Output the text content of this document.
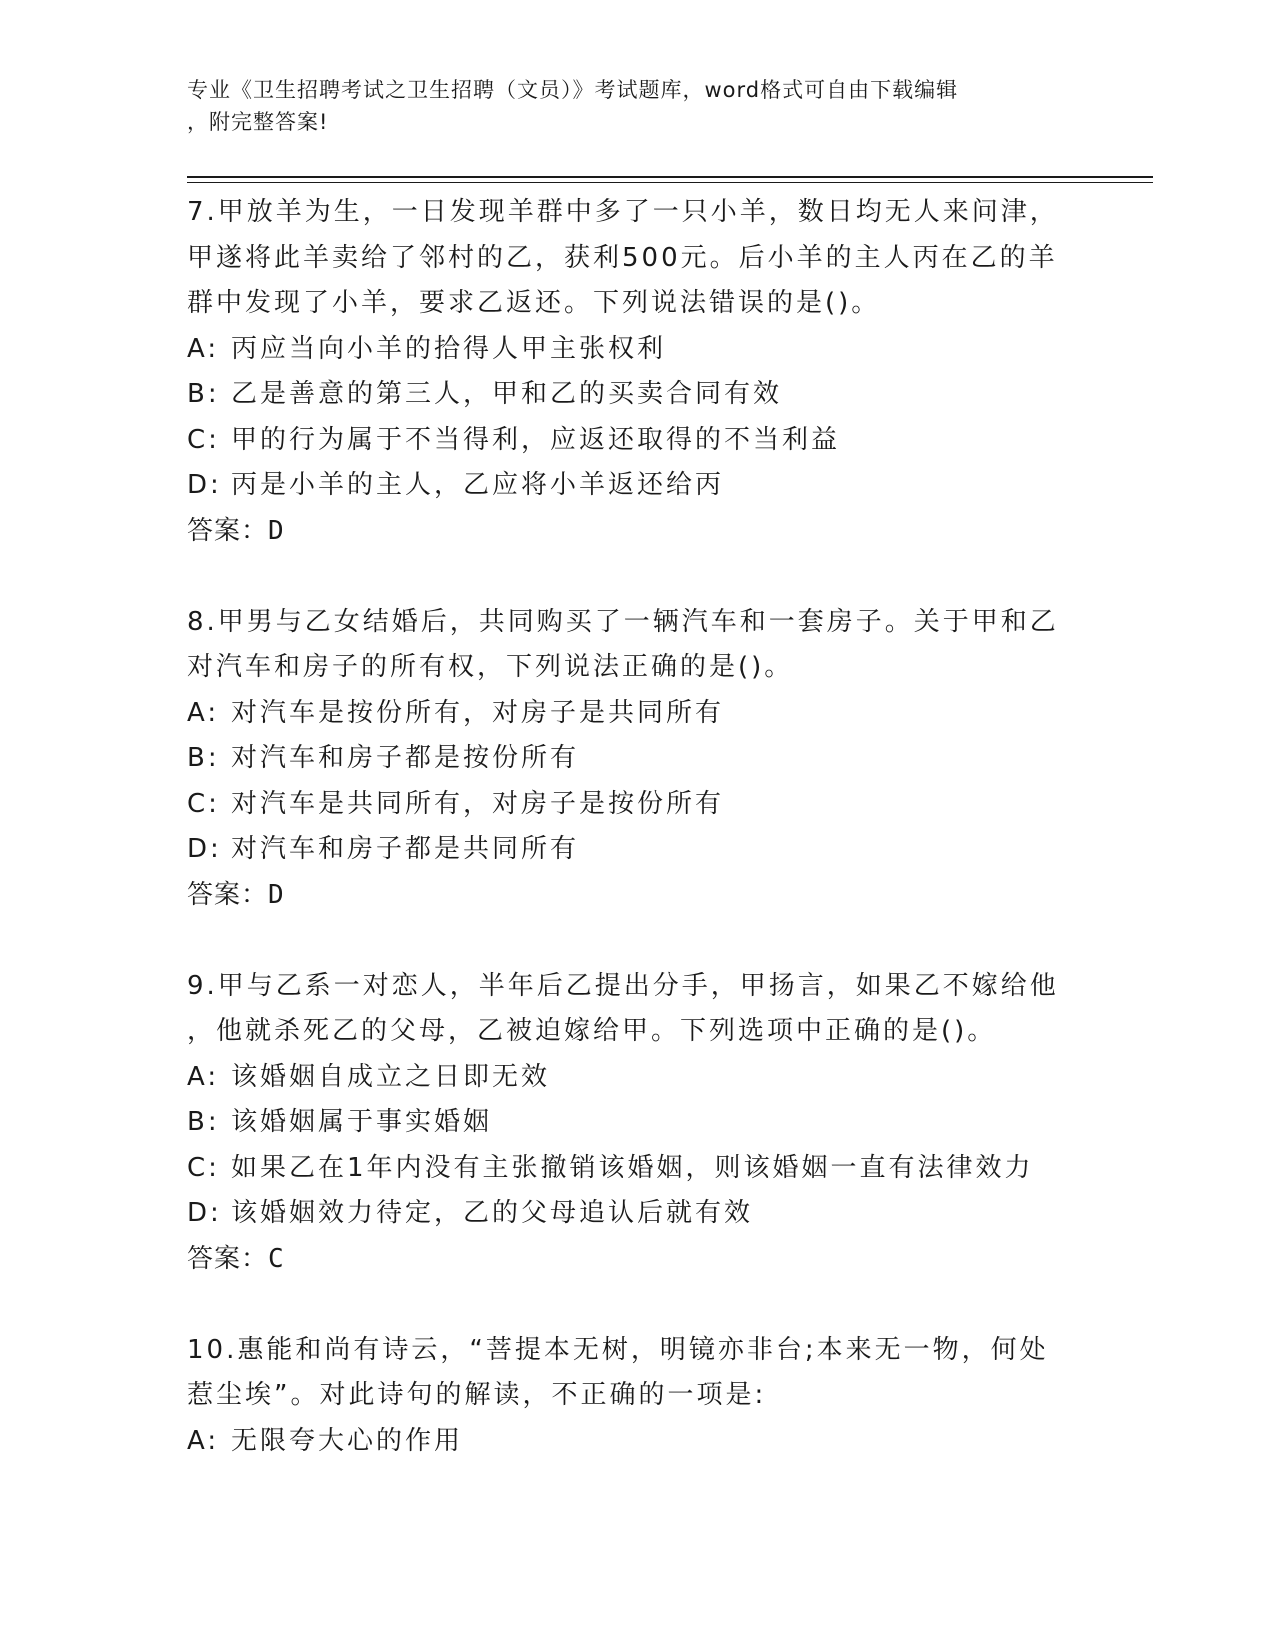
专业《卫生招聘考试之卫生招聘（文员）》考试题库，word格式可自由下载编辑
，附完整答案!
7.甲放羊为生，一日发现羊群中多了一只小羊，数日均无人来问津，
甲遂将此羊卖给了邻村的乙，获利500元。后小羊的主人丙在乙的羊
群中发现了小羊，要求乙返还。下列说法错误的是()。
A: 丙应当向小羊的拾得人甲主张权利
B: 乙是善意的第三人，甲和乙的买卖合同有效
C: 甲的行为属于不当得利，应返还取得的不当利益
D: 丙是小羊的主人，乙应将小羊返还给丙
答案：D
8.甲男与乙女结婚后，共同购买了一辆汽车和一套房子。关于甲和乙
对汽车和房子的所有权，下列说法正确的是()。
A: 对汽车是按份所有，对房子是共同所有
B: 对汽车和房子都是按份所有
C: 对汽车是共同所有，对房子是按份所有
D: 对汽车和房子都是共同所有
答案：D
9.甲与乙系一对恋人，半年后乙提出分手，甲扬言，如果乙不嫁给他
，他就杀死乙的父母，乙被迫嫁给甲。下列选项中正确的是()。
A: 该婚姻自成立之日即无效
B: 该婚姻属于事实婚姻
C: 如果乙在1年内没有主张撤销该婚姻，则该婚姻一直有法律效力
D: 该婚姻效力待定，乙的父母追认后就有效
答案：C
10.惠能和尚有诗云，“菩提本无树，明镜亦非台;本来无一物，何处
惹尘埃”。对此诗句的解读，不正确的一项是:
A: 无限夸大心的作用
